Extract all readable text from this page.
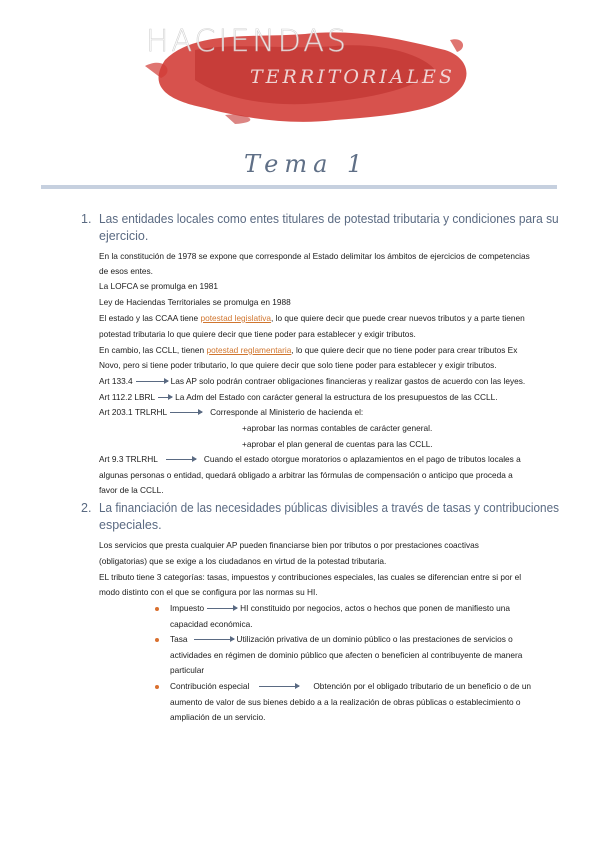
HACIENDAS
TERRITORIALES
Tema 1
1. Las entidades locales como entes titulares de potestad tributaria y condiciones para su
ejercicio.
En la constitución de 1978 se expone que corresponde al Estado delimitar los ámbitos de ejercicios de competencias
de esos entes.
La LOFCA se promulga en 1981
Ley de Haciendas Territoriales se promulga en 1988
El estado y las CCAA tiene potestad legislativa, lo que quiere decir que puede crear nuevos tributos y a parte tienen
potestad tributaria lo que quiere decir que tiene poder para establecer y exigir tributos.
En cambio, las CCLL, tienen potestad reglamentaria, lo que quiere decir que no tiene poder para crear tributos Ex
Novo, pero si tiene poder tributario, lo que quiere decir que solo tiene poder para establecer y exigir tributos.
Art 133.4	Las AP solo podrán contraer obligaciones financieras y realizar gastos de acuerdo con las leyes.
Art 112.2 LBRL La Adm del Estado con carácter general la estructura de los presupuestos de las CCLL.
Art 203.1 TRLRHL	Corresponde al Ministerio de hacienda el:
+aprobar las normas contables de carácter general.
+aprobar el plan general de cuentas para las CCLL.
Art 9.3 TRLRHL	Cuando el estado otorgue moratorios o aplazamientos en el pago de tributos locales a
algunas personas o entidad, quedará obligado a arbitrar las fórmulas de compensación o anticipo que proceda a
favor de la CCLL.
2. La financiación de las necesidades públicas divisibles a través de tasas y contribuciones
especiales.
Los servicios que presta cualquier AP pueden financiarse bien por tributos o por prestaciones coactivas
(obligatorias) que se exige a los ciudadanos en virtud de la potestad tributaria.
EL tributo tiene 3 categorías: tasas, impuestos y contribuciones especiales, las cuales se diferencian entre si por el
modo distinto con el que se configura por las normas su HI.
Impuesto	HI constituido por negocios, actos o hechos que ponen de manifiesto una
capacidad económica.
Tasa	Utilización privativa de un dominio público o las prestaciones de servicios o
actividades en régimen de dominio público que afecten o beneficien al contribuyente de manera
particular
Contribución especial	Obtención por el obligado tributario de un beneficio o de un
aumento de valor de sus bienes debido a a la realización de obras públicas o establecimiento o
ampliación de un servicio.
